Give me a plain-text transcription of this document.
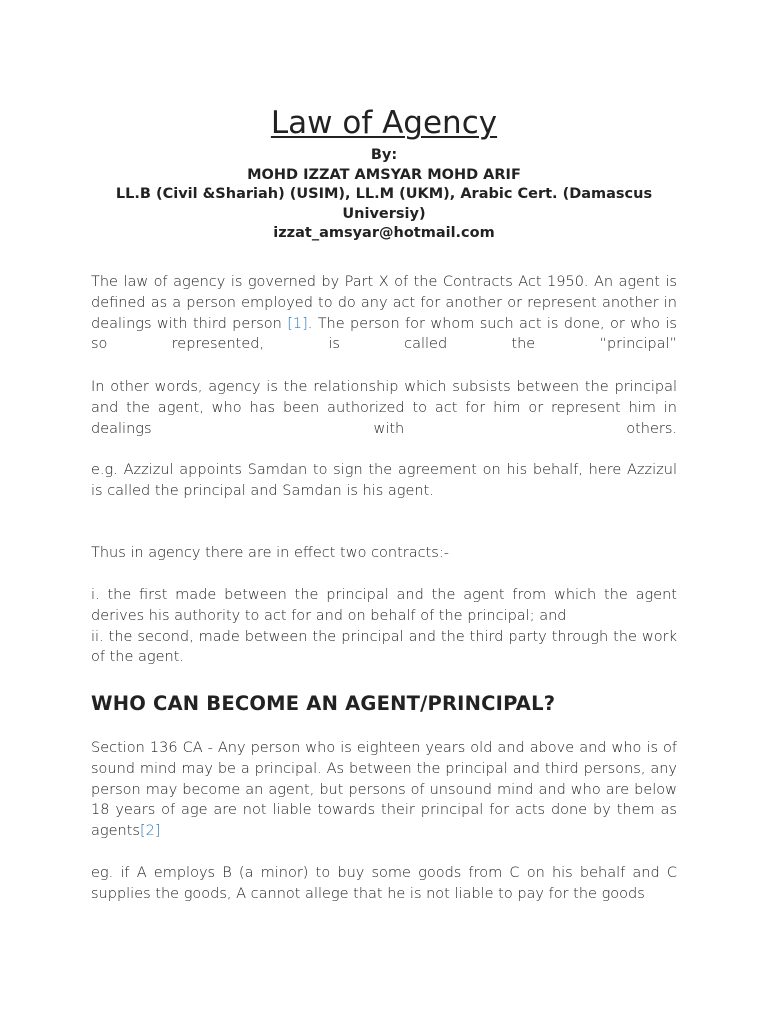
Law of Agency
By:
MOHD IZZAT AMSYAR MOHD ARIF
LL.B (Civil &Shariah) (USIM), LL.M (UKM), Arabic Cert. (Damascus Universiy)
izzat_amsyar@hotmail.com
The law of agency is governed by Part X of the Contracts Act 1950. An agent is defined as a person employed to do any act for another or represent another in dealings with third person [1]. The person for whom such act is done, or who is so represented, is called the “principal”
In other words, agency is the relationship which subsists between the principal and the agent, who has been authorized to act for him or represent him in dealings with others.
e.g. Azzizul appoints Samdan to sign the agreement on his behalf, here Azzizul is called the principal and Samdan is his agent.
Thus in agency there are in effect two contracts:-
i. the first made between the principal and the agent from which the agent derives his authority to act for and on behalf of the principal; and
ii. the second, made between the principal and the third party through the work of the agent.
WHO CAN BECOME AN AGENT/PRINCIPAL?
Section 136 CA - Any person who is eighteen years old and above and who is of sound mind may be a principal. As between the principal and third persons, any person may become an agent, but persons of unsound mind and who are below 18 years of age are not liable towards their principal for acts done by them as agents[2]
eg. if A employs B (a minor) to buy some goods from C on his behalf and C supplies the goods, A cannot allege that he is not liable to pay for the goods
